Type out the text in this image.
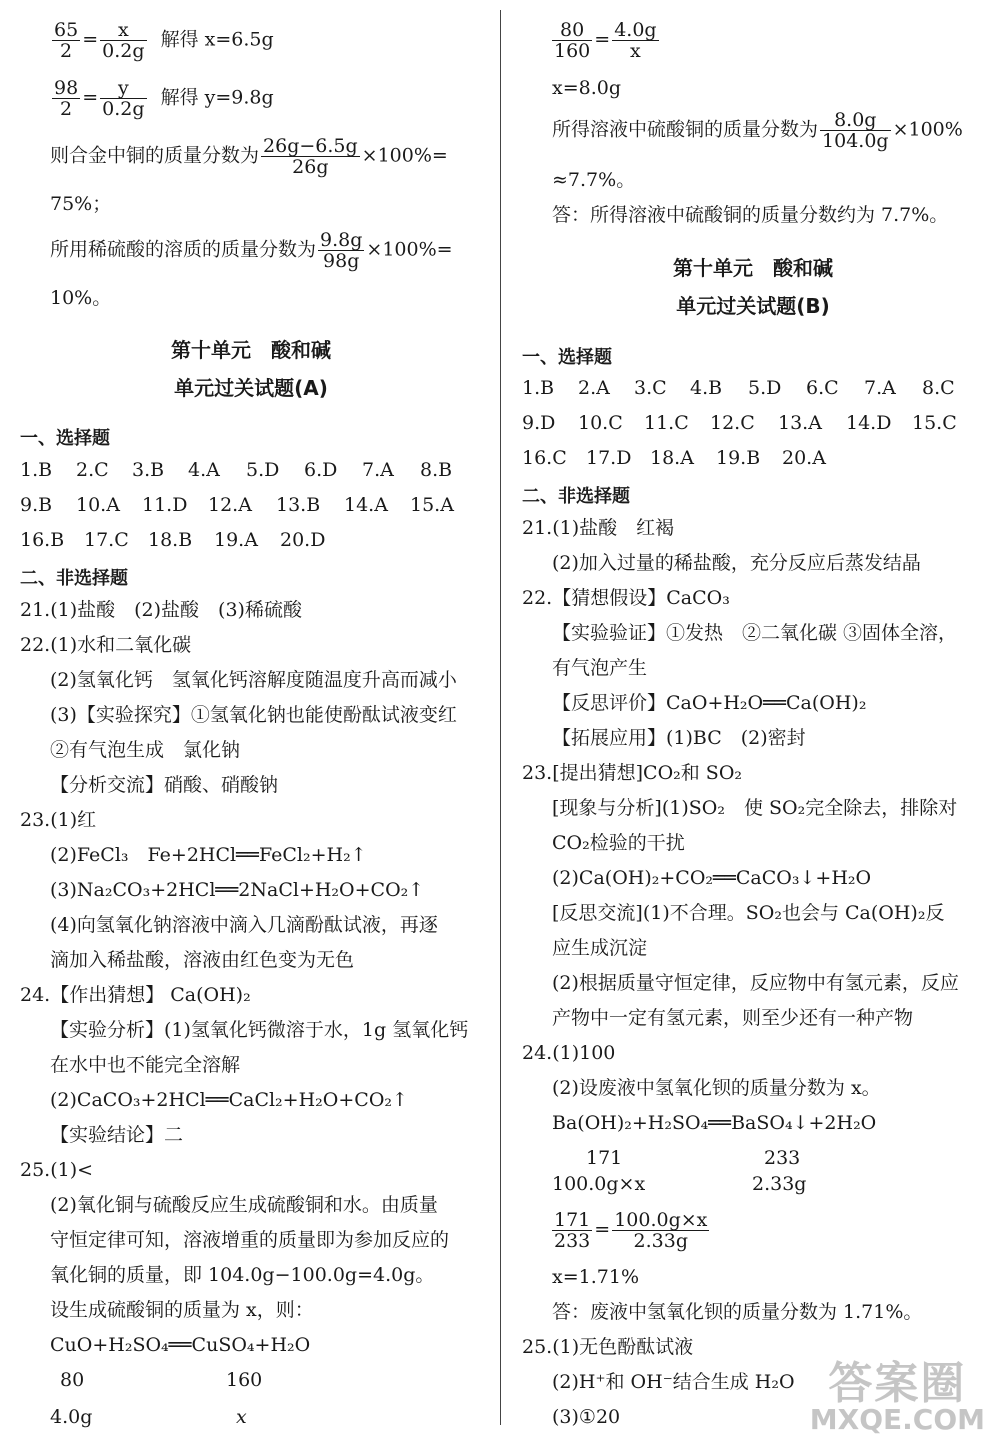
$\frac{65}{2} = \frac{x}{0.2g}$ 解得 x=6.5g
$\frac{98}{2} = \frac{y}{0.2g}$ 解得 y=9.8g
则合金中铜的质量分数为 $\frac{26g-6.5g}{26g} \times 100\%=$
75%；
所用稀硫酸的溶质的质量分数为 $\frac{9.8g}{98g} \times 100\%=$
10%。
第十单元　酸和碱
单元过关试题(A)
一、选择题
1.B 2.C 3.B 4.A 5.D 6.D 7.A 8.B
9.B 10.A 11.D 12.A 13.B 14.A 15.A
16.B 17.C 18.B 19.A 20.D
二、非选择题
21.(1)盐酸　(2)盐酸　(3)稀硫酸
22.(1)水和二氧化碳
(2)氢氧化钙　氢氧化钙溶解度随温度升高而减小
(3)【实验探究】①氢氧化钠也能使酚酞试液变红
②有气泡生成　氯化钠
【分析交流】硝酸、硝酸钠
23.(1)红
(2)FeCl₃　Fe+2HCl══FeCl₂+H₂↑
(3)Na₂CO₃+2HCl══2NaCl+H₂O+CO₂↑
(4)向氢氧化钠溶液中滴入几滴酚酞试液，再逐
滴加入稀盐酸，溶液由红色变为无色
24.【作出猜想】 Ca(OH)₂
【实验分析】(1)氢氧化钙微溶于水，1g 氢氧化钙
在水中也不能完全溶解
(2)CaCO₃+2HCl══CaCl₂+H₂O+CO₂↑
【实验结论】二
25.(1)<
(2)氧化铜与硫酸反应生成硫酸铜和水。由质量
守恒定律可知，溶液增重的质量即为参加反应的
氧化铜的质量，即 104.0g−100.0g=4.0g。
设生成硫酸铜的质量为 x，则：
CuO+H₂SO₄══CuSO₄+H₂O
80	160
4.0g	x
$\frac{80}{160} = \frac{4.0g}{x}$
x=8.0g
所得溶液中硫酸铜的质量分数为 $\frac{8.0g}{104.0g} \times 100\%$
≈7.7%。
答：所得溶液中硫酸铜的质量分数约为 7.7%。
第十单元　酸和碱
单元过关试题(B)
一、选择题
1.B 2.A 3.C 4.B 5.D 6.C 7.A 8.C
9.D 10.C 11.C 12.C 13.A 14.D 15.C
16.C 17.D 18.A 19.B 20.A
二、非选择题
21.(1)盐酸　红褐
(2)加入过量的稀盐酸，充分反应后蒸发结晶
22.【猜想假设】CaCO₃
【实验验证】①发热　②二氧化碳 ③固体全溶，
有气泡产生
【反思评价】CaO+H₂O══Ca(OH)₂
【拓展应用】(1)BC　(2)密封
23.[提出猜想]CO₂和 SO₂
[现象与分析](1)SO₂　使 SO₂完全除去，排除对
CO₂检验的干扰
(2)Ca(OH)₂+CO₂══CaCO₃↓+H₂O
[反思交流](1)不合理。SO₂也会与 Ca(OH)₂反
应生成沉淀
(2)根据质量守恒定律，反应物中有氢元素，反应
产物中一定有氢元素，则至少还有一种产物
24.(1)100
(2)设废液中氢氧化钡的质量分数为 x。
Ba(OH)₂+H₂SO₄══BaSO₄↓+2H₂O
171	233
100.0g×x	2.33g
$\frac{171}{233} = \frac{100.0g\times x}{2.33g}$
x=1.71%
答：废液中氢氧化钡的质量分数为 1.71%。
25.(1)无色酚酞试液
(2)H⁺和 OH⁻结合生成 H₂O
(3)①20
答案圈
MXQE.COM
